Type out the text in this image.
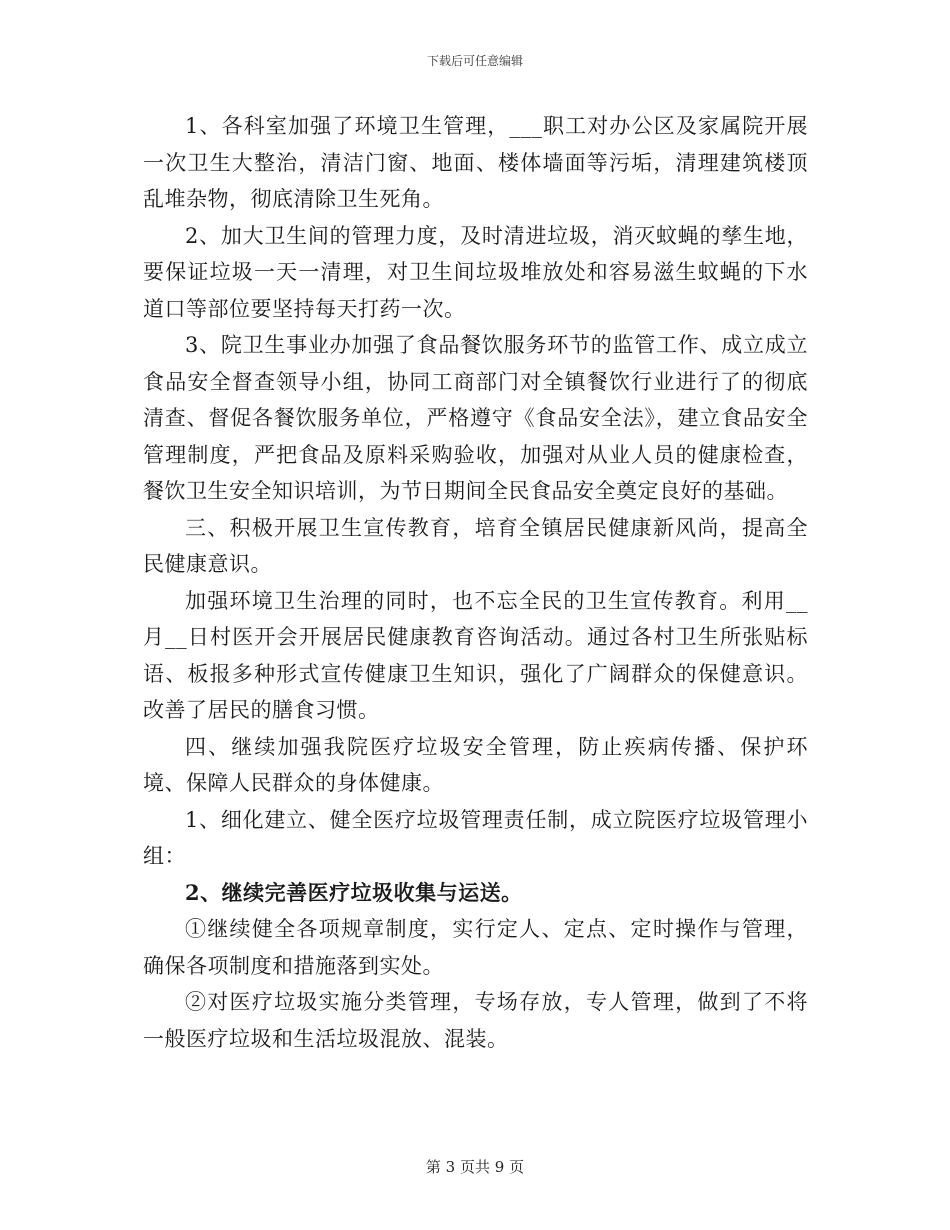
下载后可任意编辑

1、各科室加强了环境卫生管理，___职工对办公区及家属院开展一次卫生大整治，清洁门窗、地面、楼体墙面等污垢，清理建筑楼顶乱堆杂物，彻底清除卫生死角。

2、加大卫生间的管理力度，及时清进垃圾，消灭蚊蝇的孳生地，要保证垃圾一天一清理，对卫生间垃圾堆放处和容易滋生蚊蝇的下水道口等部位要坚持每天打药一次。

3、院卫生事业办加强了食品餐饮服务环节的监管工作、成立成立食品安全督查领导小组，协同工商部门对全镇餐饮行业进行了的彻底清查、督促各餐饮服务单位，严格遵守《食品安全法》，建立食品安全管理制度，严把食品及原料采购验收，加强对从业人员的健康检查，餐饮卫生安全知识培训，为节日期间全民食品安全奠定良好的基础。

三、积极开展卫生宣传教育，培育全镇居民健康新风尚，提高全民健康意识。

加强环境卫生治理的同时，也不忘全民的卫生宣传教育。利用__月__日村医开会开展居民健康教育咨询活动。通过各村卫生所张贴标语、板报多种形式宣传健康卫生知识，强化了广阔群众的保健意识。改善了居民的膳食习惯。

四、继续加强我院医疗垃圾安全管理，防止疾病传播、保护环境、保障人民群众的身体健康。

1、细化建立、健全医疗垃圾管理责任制，成立院医疗垃圾管理小组：

2、继续完善医疗垃圾收集与运送。

①继续健全各项规章制度，实行定人、定点、定时操作与管理，确保各项制度和措施落到实处。

②对医疗垃圾实施分类管理，专场存放，专人管理，做到了不将一般医疗垃圾和生活垃圾混放、混装。

第 3 页共 9 页
